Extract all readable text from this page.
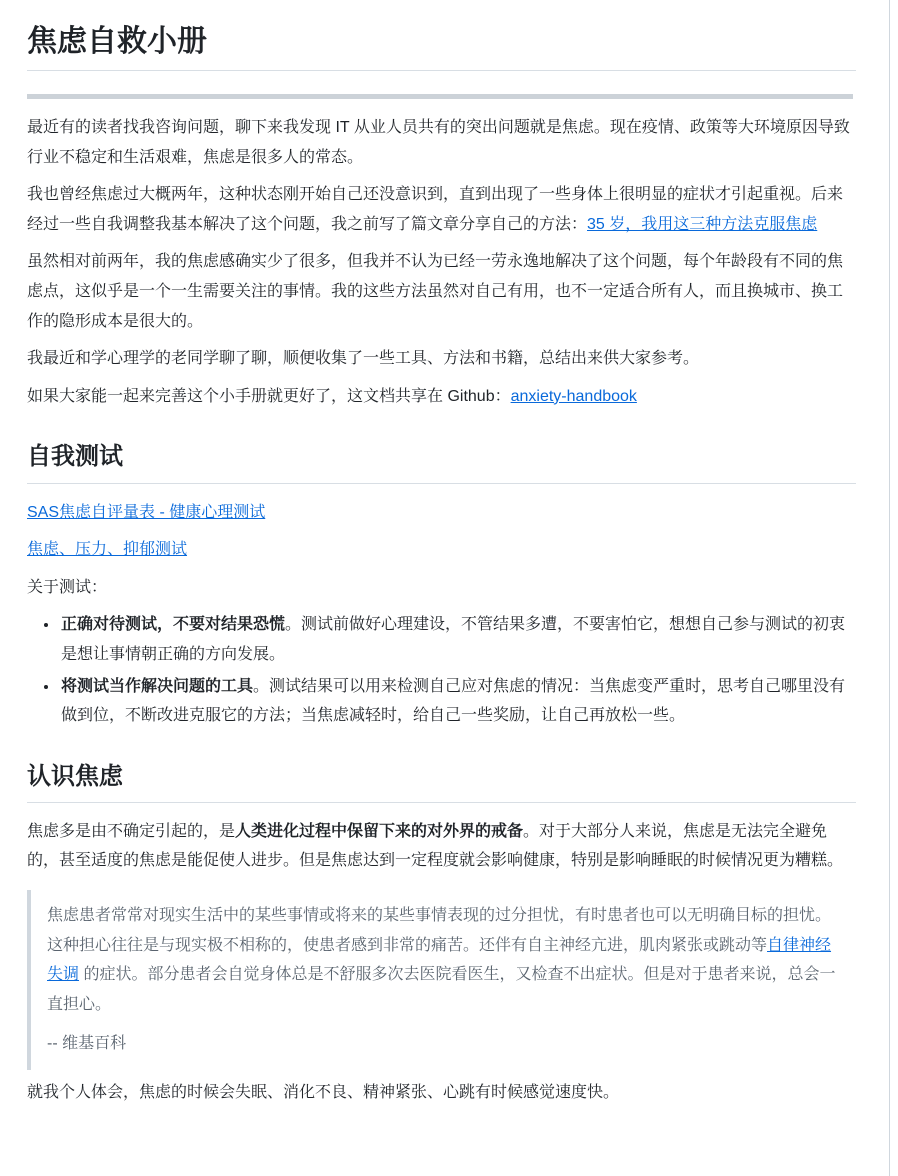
焦虑自救小册

最近有的读者找我咨询问题，聊下来我发现 IT 从业人员共有的突出问题就是焦虑。现在疫情、政策等大环境原因导致行业不稳定和生活艰难，焦虑是很多人的常态。

我也曾经焦虑过大概两年，这种状态刚开始自己还没意识到，直到出现了一些身体上很明显的症状才引起重视。后来经过一些自我调整我基本解决了这个问题，我之前写了篇文章分享自己的方法：35 岁，我用这三种方法克服焦虑

虽然相对前两年，我的焦虑感确实少了很多，但我并不认为已经一劳永逸地解决了这个问题，每个年龄段有不同的焦虑点，这似乎是一个一生需要关注的事情。我的这些方法虽然对自己有用，也不一定适合所有人，而且换城市、换工作的隐形成本是很大的。

我最近和学心理学的老同学聊了聊，顺便收集了一些工具、方法和书籍，总结出来供大家参考。

如果大家能一起来完善这个小手册就更好了，这文档共享在 Github：anxiety-handbook

自我测试

SAS焦虑自评量表 - 健康心理测试

焦虑、压力、抑郁测试

关于测试：

• 正确对待测试，不要对结果恐慌。测试前做好心理建设，不管结果多遭，不要害怕它，想想自己参与测试的初衷是想让事情朝正确的方向发展。
• 将测试当作解决问题的工具。测试结果可以用来检测自己应对焦虑的情况：当焦虑变严重时，思考自己哪里没有做到位，不断改进克服它的方法；当焦虑减轻时，给自己一些奖励，让自己再放松一些。
认识焦虑

焦虑多是由不确定引起的，是人类进化过程中保留下来的对外界的戒备。对于大部分人来说，焦虑是无法完全避免的，甚至适度的焦虑是能促使人进步。但是焦虑达到一定程度就会影响健康，特别是影响睡眠的时候情况更为糟糕。

焦虑患者常常对现实生活中的某些事情或将来的某些事情表现的过分担忧，有时患者也可以无明确目标的担忧。这种担心往往是与现实极不相称的，使患者感到非常的痛苦。还伴有自主神经亢进，肌肉紧张或跳动等自律神经失调 的症状。部分患者会自觉身体总是不舒服多次去医院看医生，又检查不出症状。但是对于患者来说，总会一直担心。

-- 维基百科

就我个人体会，焦虑的时候会失眠、消化不良、精神紧张、心跳有时候感觉速度快。
